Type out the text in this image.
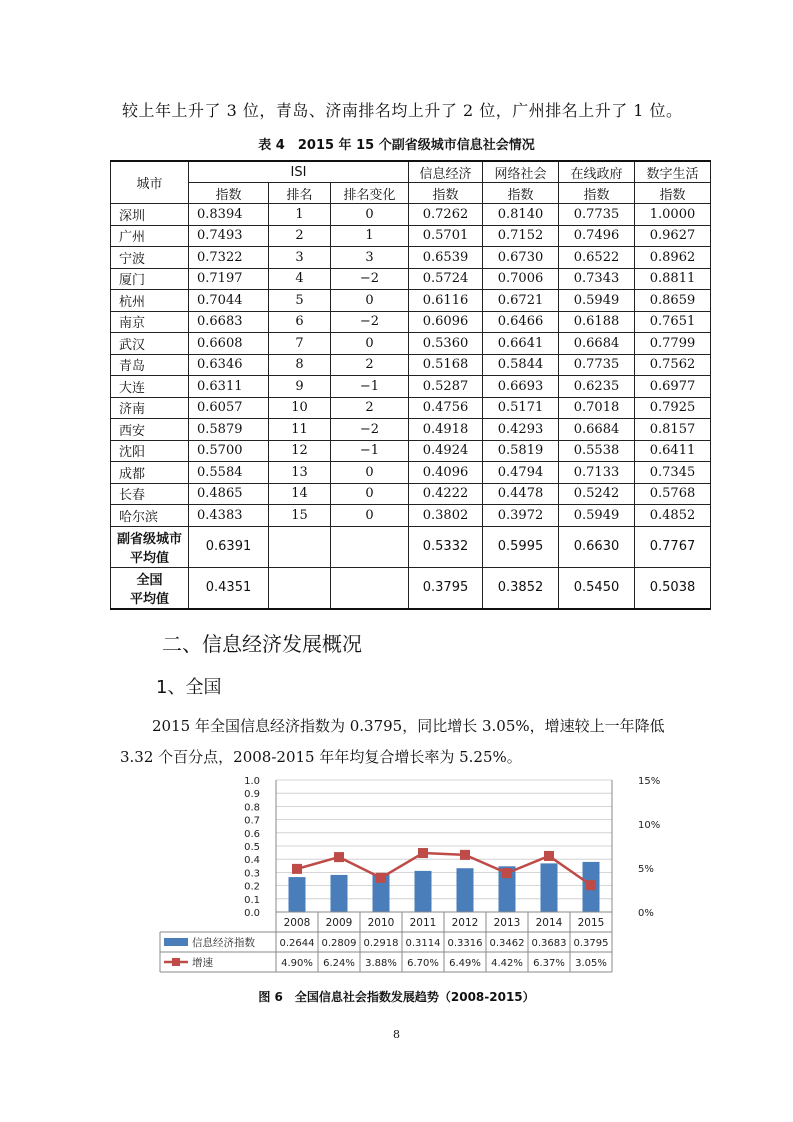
较上年上升了 3 位，青岛、济南排名均上升了 2 位，广州排名上升了 1 位。
表 4　2015 年 15 个副省级城市信息社会情况
城市	ISI			信息经济	网络社会	在线政府	数字生活
	指数	排名	排名变化	指数	指数	指数	指数
深圳	0.8394	1	0	0.7262	0.8140	0.7735	1.0000
广州	0.7493	2	1	0.5701	0.7152	0.7496	0.9627
宁波	0.7322	3	3	0.6539	0.6730	0.6522	0.8962
厦门	0.7197	4	−2	0.5724	0.7006	0.7343	0.8811
杭州	0.7044	5	0	0.6116	0.6721	0.5949	0.8659
南京	0.6683	6	−2	0.6096	0.6466	0.6188	0.7651
武汉	0.6608	7	0	0.5360	0.6641	0.6684	0.7799
青岛	0.6346	8	2	0.5168	0.5844	0.7735	0.7562
大连	0.6311	9	−1	0.5287	0.6693	0.6235	0.6977
济南	0.6057	10	2	0.4756	0.5171	0.7018	0.7925
西安	0.5879	11	−2	0.4918	0.4293	0.6684	0.8157
沈阳	0.5700	12	−1	0.4924	0.5819	0.5538	0.6411
成都	0.5584	13	0	0.4096	0.4794	0.7133	0.7345
长春	0.4865	14	0	0.4222	0.4478	0.5242	0.5768
哈尔滨	0.4383	15	0	0.3802	0.3972	0.5949	0.4852
副省级城市
平均值	0.6391			0.5332	0.5995	0.6630	0.7767
全国
平均值	0.4351			0.3795	0.3852	0.5450	0.5038
二、信息经济发展概况
1、全国
2015 年全国信息经济指数为 0.3795，同比增长 3.05%，增速较上一年降低
3.32 个百分点，2008-2015 年年均复合增长率为 5.25%。
0.0
0.1
0.2
0.3
0.4
0.5
0.6
0.7
0.8
0.9
1.0
0%
5%
10%
15%
2008 2009 2010 2011 2012 2013 2014 2015
信息经济指数
增速
0.2644 0.2809 0.2918 0.3114 0.3316 0.3462 0.3683 0.3795
4.90% 6.24% 3.88% 6.70% 6.49% 4.42% 6.37% 3.05%
图 6　全国信息社会指数发展趋势（2008-2015）
8
